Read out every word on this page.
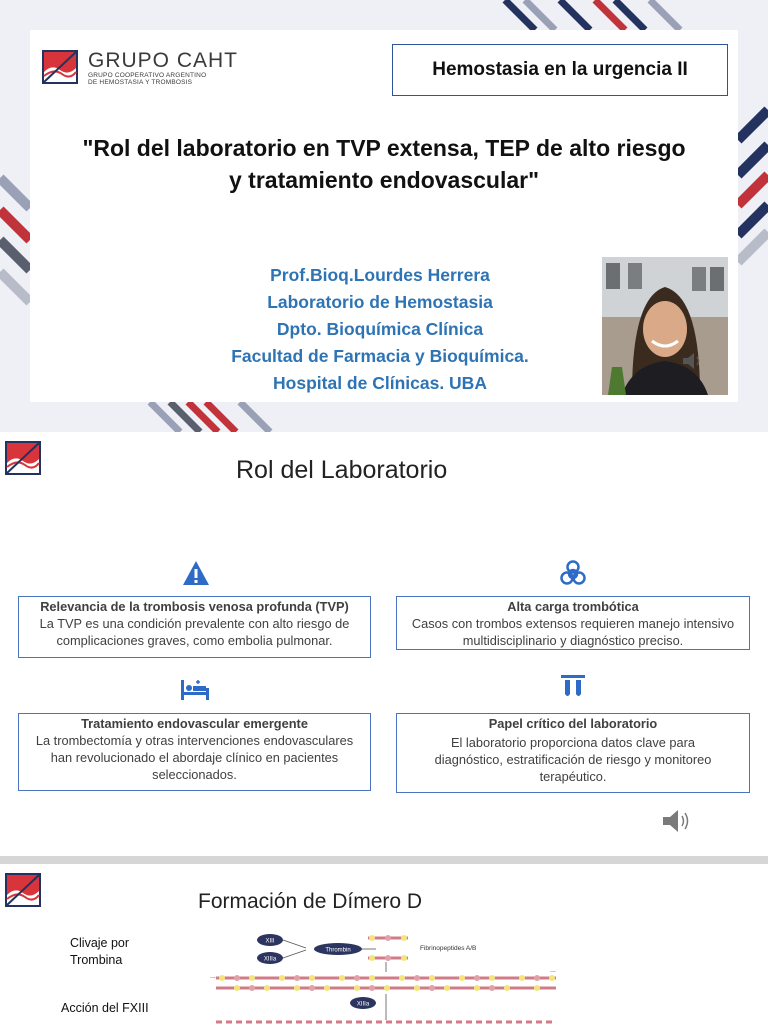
GRUPO CAHT
GRUPO COOPERATIVO ARGENTINO
DE HEMOSTASIA Y TROMBOSIS
Hemostasia en la urgencia II
"Rol del laboratorio en TVP extensa, TEP de alto riesgo
y tratamiento endovascular"
Prof.Bioq.Lourdes Herrera
Laboratorio de Hemostasia
Dpto. Bioquímica Clínica
Facultad de Farmacia y Bioquímica.
Hospital de Clínicas. UBA
Rol del Laboratorio
Relevancia de la trombosis venosa profunda (TVP)
La TVP es una condición prevalente con alto riesgo de
complicaciones graves, como embolia pulmonar.
Alta carga trombótica
Casos con trombos extensos requieren manejo intensivo
multidisciplinario y diagnóstico preciso.
Tratamiento endovascular emergente
La trombectomía y otras intervenciones endovasculares
han revolucionado el abordaje clínico en pacientes
seleccionados.
Papel crítico del laboratorio
El laboratorio proporciona datos clave para
diagnóstico, estratificación de riesgo y monitoreo
terapéutico.
Formación de Dímero D
Clivaje por
Trombina
Acción del FXIII
XIII
XIIIa
Thrombin	Fibrinopeptides A/B
...
...
XIIIa
